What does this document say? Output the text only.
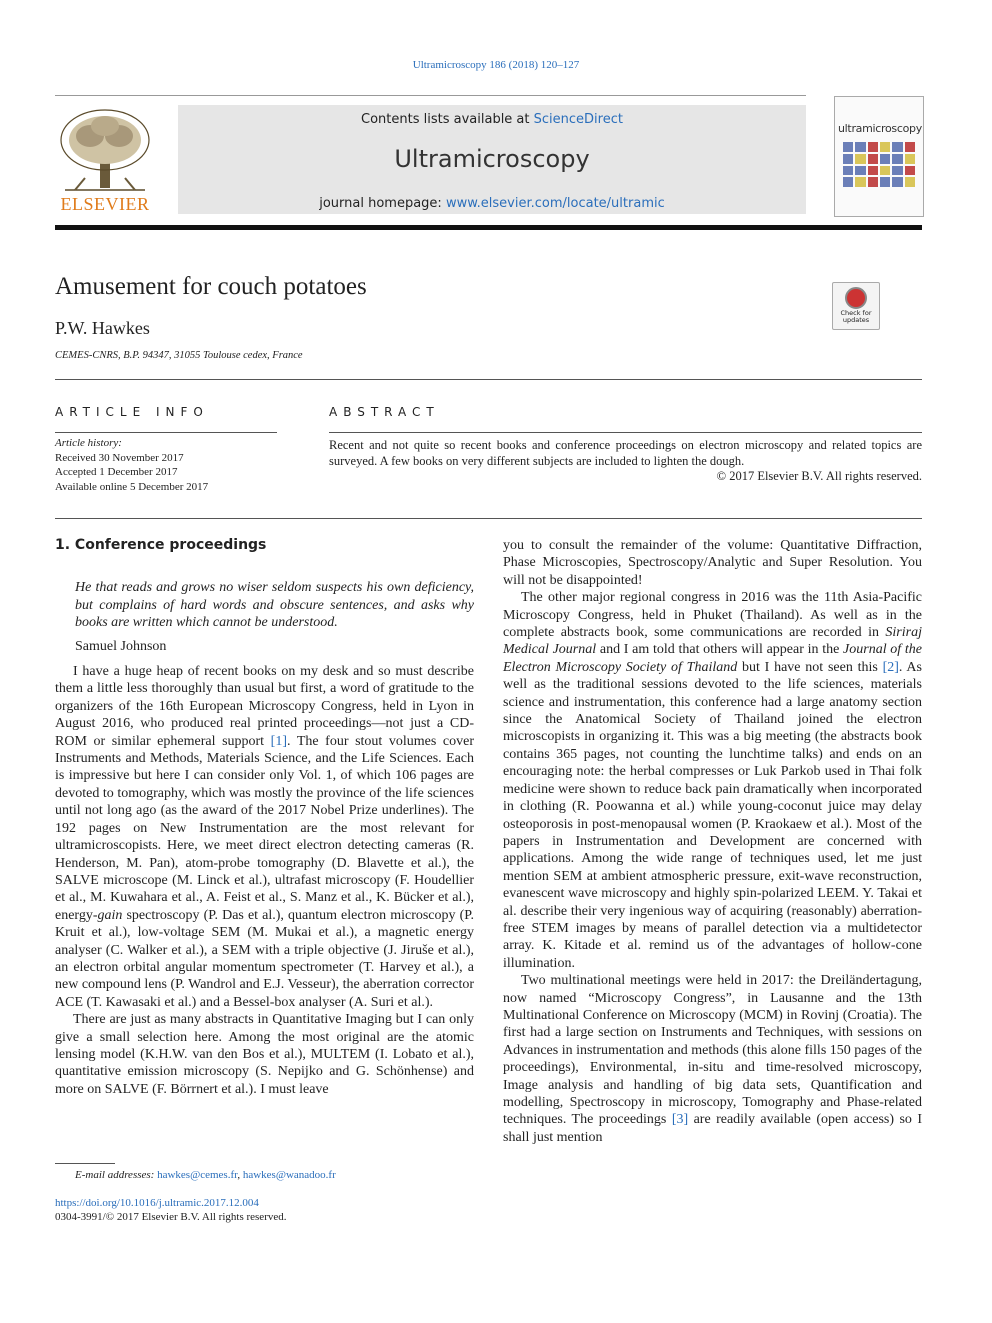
Ultramicroscopy 186 (2018) 120–127
ELSEVIER
Contents lists available at ScienceDirect
Ultramicroscopy
journal homepage: www.elsevier.com/locate/ultramic
ultramicroscopy
Amusement for couch potatoes
P.W. Hawkes
CEMES-CNRS, B.P. 94347, 31055 Toulouse cedex, France
Check for updates
ARTICLE INFO
Article history:
Received 30 November 2017
Accepted 1 December 2017
Available online 5 December 2017
ABSTRACT
Recent and not quite so recent books and conference proceedings on electron microscopy and related topics are surveyed. A few books on very different subjects are included to lighten the dough.
© 2017 Elsevier B.V. All rights reserved.
1. Conference proceedings

He that reads and grows no wiser seldom suspects his own deficiency, but complains of hard words and obscure sentences, and asks why books are written which cannot be understood.

Samuel Johnson

I have a huge heap of recent books on my desk and so must describe them a little less thoroughly than usual but first, a word of gratitude to the organizers of the 16th European Microscopy Congress, held in Lyon in August 2016, who produced real printed proceedings—not just a CD-ROM or similar ephemeral support [1]. The four stout volumes cover Instruments and Methods, Materials Science, and the Life Sciences. Each is impressive but here I can consider only Vol. 1, of which 106 pages are devoted to tomography, which was mostly the province of the life sciences until not long ago (as the award of the 2017 Nobel Prize underlines). The 192 pages on New Instrumentation are the most relevant for ultramicroscopists. Here, we meet direct electron detecting cameras (R. Henderson, M. Pan), atom-probe tomography (D. Blavette et al.), the SALVE microscope (M. Linck et al.), ultrafast microscopy (F. Houdellier et al., M. Kuwahara et al., A. Feist et al., S. Manz et al., K. Bücker et al.), energy-gain spectroscopy (P. Das et al.), quantum electron microscopy (P. Kruit et al.), low-voltage SEM (M. Mukai et al.), a magnetic energy analyser (C. Walker et al.), a SEM with a triple objective (J. Jiruše et al.), an electron orbital angular momentum spectrometer (T. Harvey et al.), a new compound lens (P. Wandrol and E.J. Vesseur), the aberration corrector ACE (T. Kawasaki et al.) and a Bessel-box analyser (A. Suri et al.).

There are just as many abstracts in Quantitative Imaging but I can only give a small selection here. Among the most original are the atomic lensing model (K.H.W. van den Bos et al.), MULTEM (I. Lobato et al.), quantitative emission microscopy (S. Nepijko and G. Schönhense) and more on SALVE (F. Börrnert et al.). I must leave

you to consult the remainder of the volume: Quantitative Diffraction, Phase Microscopies, Spectroscopy/Analytic and Super Resolution. You will not be disappointed!

The other major regional congress in 2016 was the 11th Asia-Pacific Microscopy Congress, held in Phuket (Thailand). As well as in the complete abstracts book, some communications are recorded in Siriraj Medical Journal and I am told that others will appear in the Journal of the Electron Microscopy Society of Thailand but I have not seen this [2]. As well as the traditional sessions devoted to the life sciences, materials science and instrumentation, this conference had a large anatomy section since the Anatomical Society of Thailand joined the electron microscopists in organizing it. This was a big meeting (the abstracts book contains 365 pages, not counting the lunchtime talks) and ends on an encouraging note: the herbal compresses or Luk Parkob used in Thai folk medicine were shown to reduce back pain dramatically when incorporated in clothing (R. Poowanna et al.) while young-coconut juice may delay osteoporosis in post-menopausal women (P. Kraokaew et al.). Most of the papers in Instrumentation and Development are concerned with applications. Among the wide range of techniques used, let me just mention SEM at ambient atmospheric pressure, exit-wave reconstruction, evanescent wave microscopy and highly spin-polarized LEEM. Y. Takai et al. describe their very ingenious way of acquiring (reasonably) aberration-free STEM images by means of parallel detection via a multidetector array. K. Kitade et al. remind us of the advantages of hollow-cone illumination.

Two multinational meetings were held in 2017: the Dreiländertagung, now named “Microscopy Congress”, in Lausanne and the 13th Multinational Conference on Microscopy (MCM) in Rovinj (Croatia). The first had a large section on Instruments and Techniques, with sessions on Advances in instrumentation and methods (this alone fills 150 pages of the proceedings), Environmental, in-situ and time-resolved microscopy, Image analysis and handling of big data sets, Quantification and modelling, Spectroscopy in microscopy, Tomography and Phase-related techniques. The proceedings [3] are readily available (open access) so I shall just mention

E-mail addresses: hawkes@cemes.fr, hawkes@wanadoo.fr
https://doi.org/10.1016/j.ultramic.2017.12.004
0304-3991/© 2017 Elsevier B.V. All rights reserved.
